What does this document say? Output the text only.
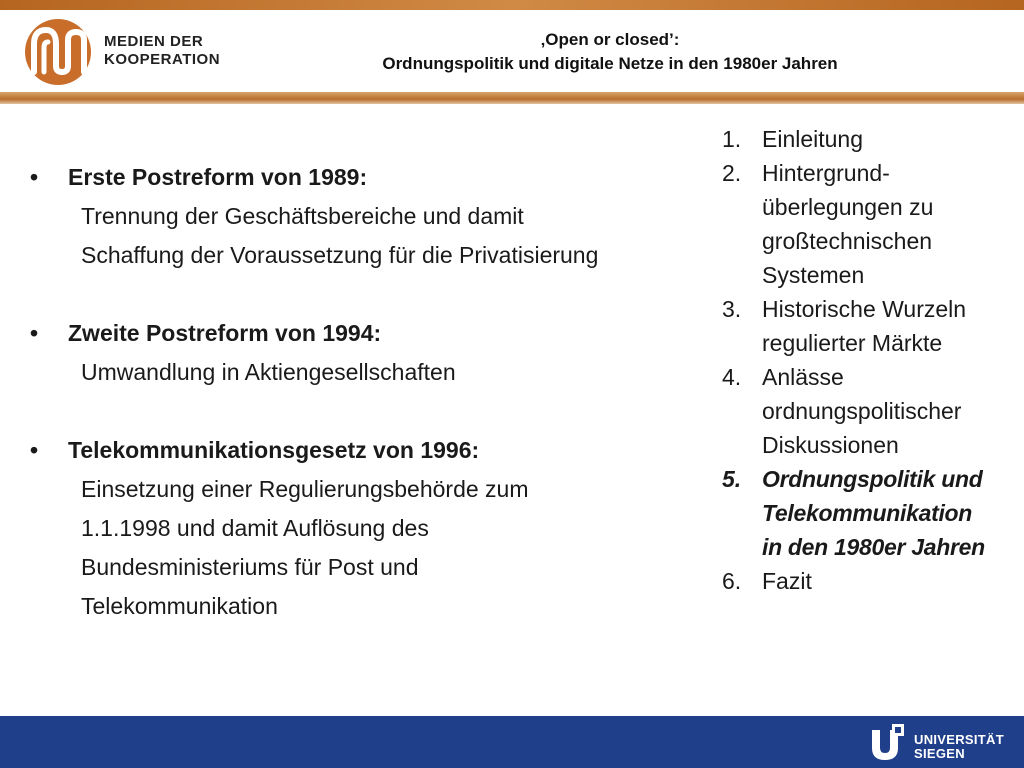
MEDIEN DER
KOOPERATION
‚Open or closed’:
Ordnungspolitik und digitale Netze in den 1980er Jahren
•	Erste Postreform von 1989:
Trennung der Geschäftsbereiche und damit
Schaffung der Voraussetzung für die Privatisierung
•	Zweite Postreform von 1994:
Umwandlung in Aktiengesellschaften
•	Telekommunikationsgesetz von 1996:
Einsetzung einer Regulierungsbehörde zum
1.1.1998 und damit Auflösung des
Bundesministeriums für Post und
Telekommunikation
1. Einleitung
2. Hintergrund-
überlegungen zu
großtechnischen
Systemen
3. Historische Wurzeln
regulierter Märkte
4. Anlässe
ordnungspolitischer
Diskussionen
5. Ordnungspolitik und
Telekommunikation
in den 1980er Jahren
6. Fazit
UNIVERSITÄT
SIEGEN
